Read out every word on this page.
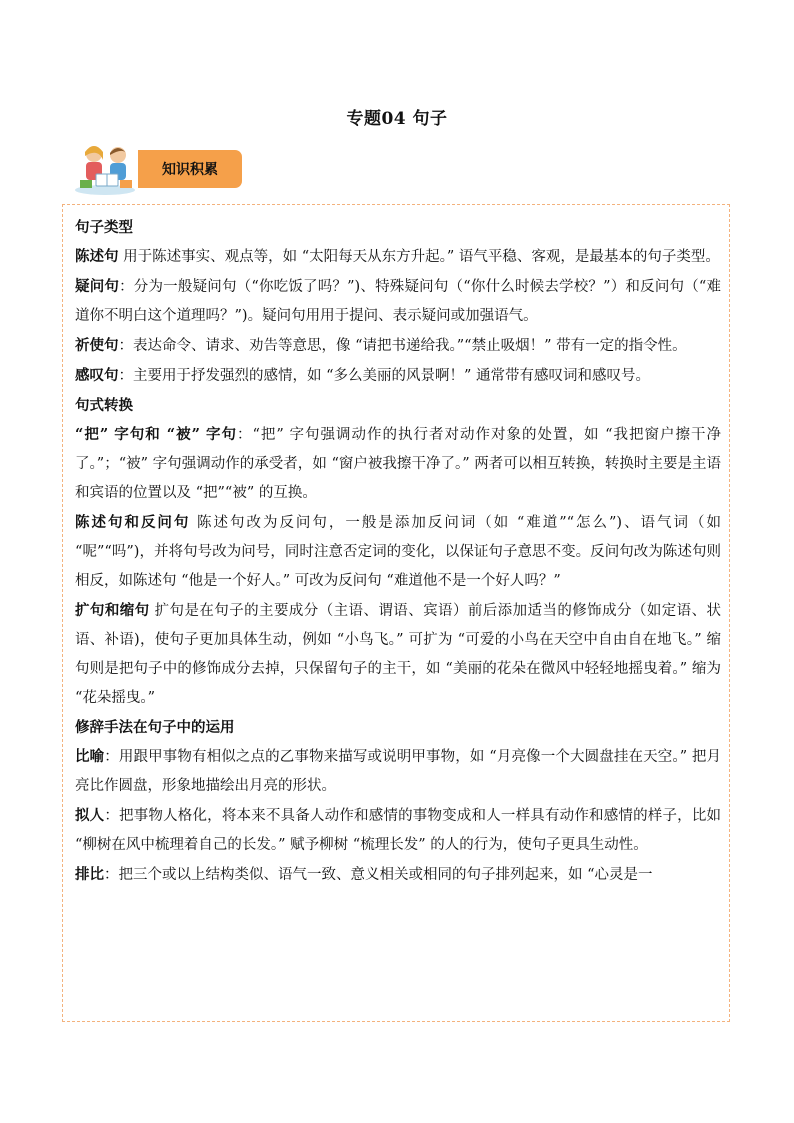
专题04 句子
知识积累

句子类型

陈述句 用于陈述事实、观点等，如 “太阳每天从东方升起。” 语气平稳、客观，是最基本的句子类型。

疑问句：分为一般疑问句（“你吃饭了吗？”)、特殊疑问句（“你什么时候去学校？”）和反问句（“难道你不明白这个道理吗？”)。疑问句用用于提问、表示疑问或加强语气。

祈使句：表达命令、请求、劝告等意思，像 “请把书递给我。”“禁止吸烟！” 带有一定的指令性。

感叹句：主要用于抒发强烈的感情，如 “多么美丽的风景啊！” 通常带有感叹词和感叹号。

句式转换

“把” 字句和 “被” 字句：“把” 字句强调动作的执行者对动作对象的处置，如 “我把窗户擦干净了。”；“被” 字句强调动作的承受者，如 “窗户被我擦干净了。” 两者可以相互转换，转换时主要是主语和宾语的位置以及 “把”“被” 的互换。

陈述句和反问句 陈述句改为反问句，一般是添加反问词（如 “难道”“怎么”)、语气词（如 “呢”“吗”)，并将句号改为问号，同时注意否定词的变化，以保证句子意思不变。反问句改为陈述句则相反，如陈述句 “他是一个好人。” 可改为反问句 “难道他不是一个好人吗？”

扩句和缩句 扩句是在句子的主要成分（主语、谓语、宾语）前后添加适当的修饰成分（如定语、状语、补语)，使句子更加具体生动，例如 “小鸟飞。” 可扩为 “可爱的小鸟在天空中自由自在地飞。” 缩句则是把句子中的修饰成分去掉，只保留句子的主干，如 “美丽的花朵在微风中轻轻地摇曳着。” 缩为 “花朵摇曳。”

修辞手法在句子中的运用

比喻：用跟甲事物有相似之点的乙事物来描写或说明甲事物，如 “月亮像一个大圆盘挂在天空。” 把月亮比作圆盘，形象地描绘出月亮的形状。

拟人：把事物人格化，将本来不具备人动作和感情的事物变成和人一样具有动作和感情的样子，比如 “柳树在风中梳理着自己的长发。” 赋予柳树 “梳理长发” 的人的行为，使句子更具生动性。

排比：把三个或以上结构类似、语气一致、意义相关或相同的句子排列起来，如 “心灵是一
